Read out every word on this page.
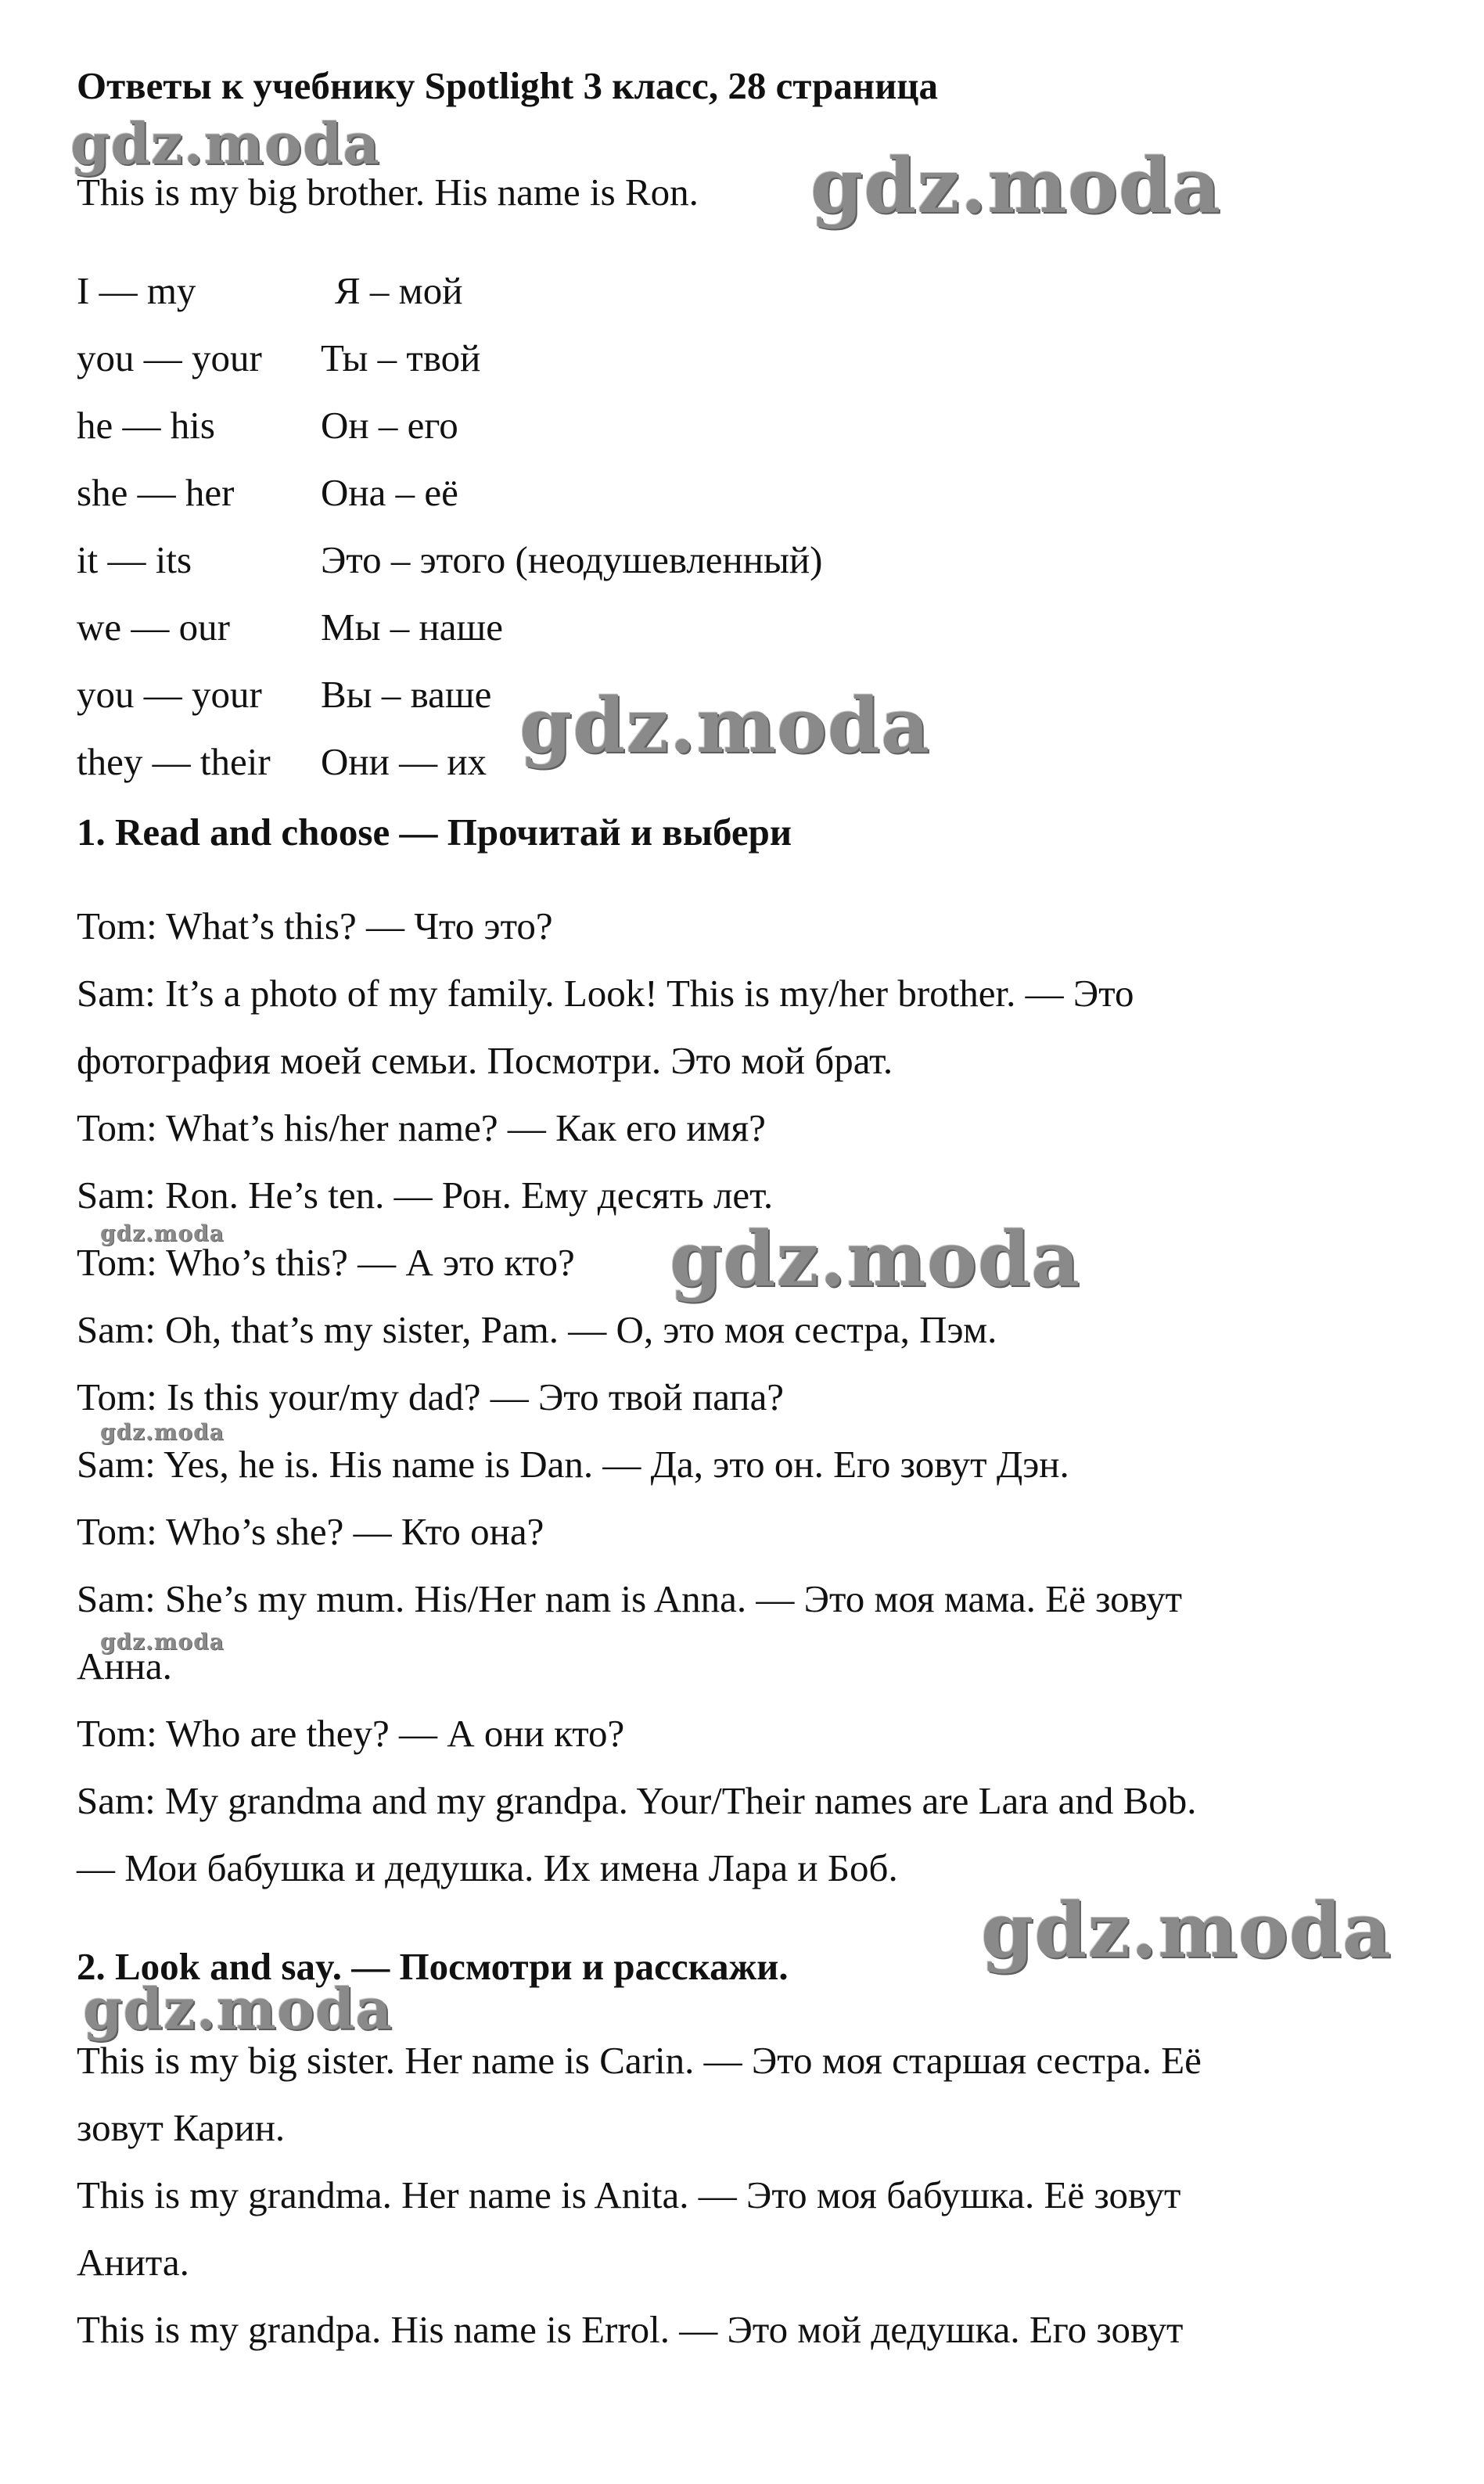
Ответы к учебнику Spotlight 3 класс, 28 страница
This is my big brother. His name is Ron.
I — my	Я – мой
you — your Ты – твой
he — his	Он – его
she — her Она – её
it — its	Это – этого (неодушевленный)
we — our Мы – наше
you — your Вы – ваше
they — their Они — их
1. Read and choose — Прочитай и выбери
Tom: What’s this? — Что это?
Sam: It’s a photo of my family. Look! This is my/her brother. — Это
фотография моей семьи. Посмотри. Это мой брат.
Tom: What’s his/her name? — Как его имя?
Sam: Ron. He’s ten. — Рон. Ему десять лет.
Tom: Who’s this? — А это кто?
Sam: Oh, that’s my sister, Pam. — О, это моя сестра, Пэм.
Tom: Is this your/my dad? — Это твой папа?
Sam: Yes, he is. His name is Dan. — Да, это он. Его зовут Дэн.
Tom: Who’s she? — Кто она?
Sam: She’s my mum. His/Her nam is Anna. — Это моя мама. Её зовут
Анна.
Tom: Who are they? — А они кто?
Sam: My grandma and my grandpa. Your/Their names are Lara and Bob.
— Мои бабушка и дедушка. Их имена Лара и Боб.
2. Look and say. — Посмотри и расскажи.
This is my big sister. Her name is Carin. — Это моя старшая сестра. Её
зовут Карин.
This is my grandma. Her name is Anita. — Это моя бабушка. Её зовут
Анита.
This is my grandpa. His name is Errol. — Это мой дедушка. Его зовут
gdz.moda	gdz.moda
gdz.moda
gdz.moda	gdz.moda
gdz.moda
gdz.moda
gdz.moda
gdz.moda
